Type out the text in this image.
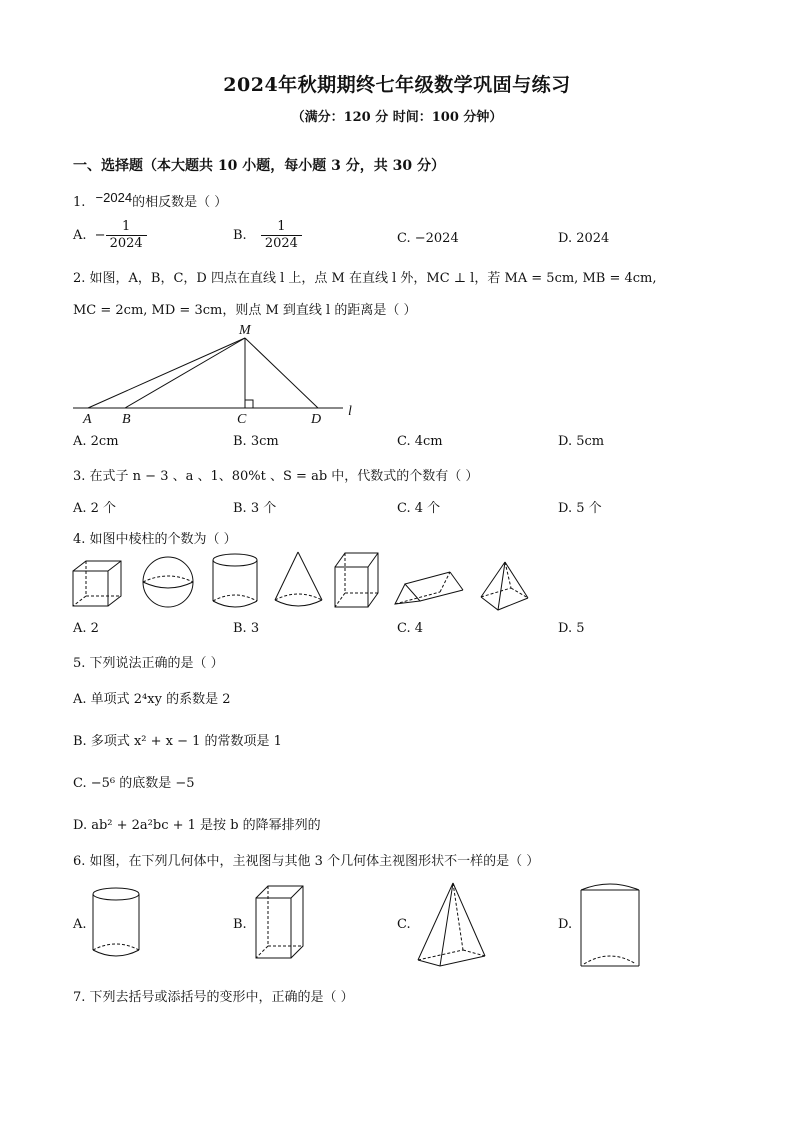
2024年秋期期终七年级数学巩固与练习
（满分：120 分 时间：100 分钟）
一、选择题（本大题共 10 小题，每小题 3 分，共 30 分）
1. −2024的相反数是（ ）
A. − $\frac{1}{2024}$	B. $\frac{1}{2024}$	C. −2024	D. 2024
2. 如图，A，B，C，D 四点在直线 l 上，点 M 在直线 l 外，MC ⊥ l，若 MA = 5cm, MB = 4cm,
MC = 2cm, MD = 3cm，则点 M 到直线 l 的距离是（ ）
M
A B	C	D
l
A. 2cm	B. 3cm	C. 4cm	D. 5cm
3. 在式子 n − 3 、a 、1、80%t 、S = ab 中，代数式的个数有（ ）
A. 2 个	B. 3 个	C. 4 个	D. 5 个
4. 如图中棱柱的个数为（ ）
A. 2	B. 3	C. 4	D. 5
5. 下列说法正确的是（ ）
A. 单项式 2⁴xy 的系数是 2
B. 多项式 x² + x − 1 的常数项是 1
C. −5⁶ 的底数是 −5
D. ab² + 2a²bc + 1 是按 b 的降幂排列的
6. 如图，在下列几何体中，主视图与其他 3 个几何体主视图形状不一样的是（ ）
A.	B.	C.	D.
7. 下列去括号或添括号的变形中，正确的是（ ）
